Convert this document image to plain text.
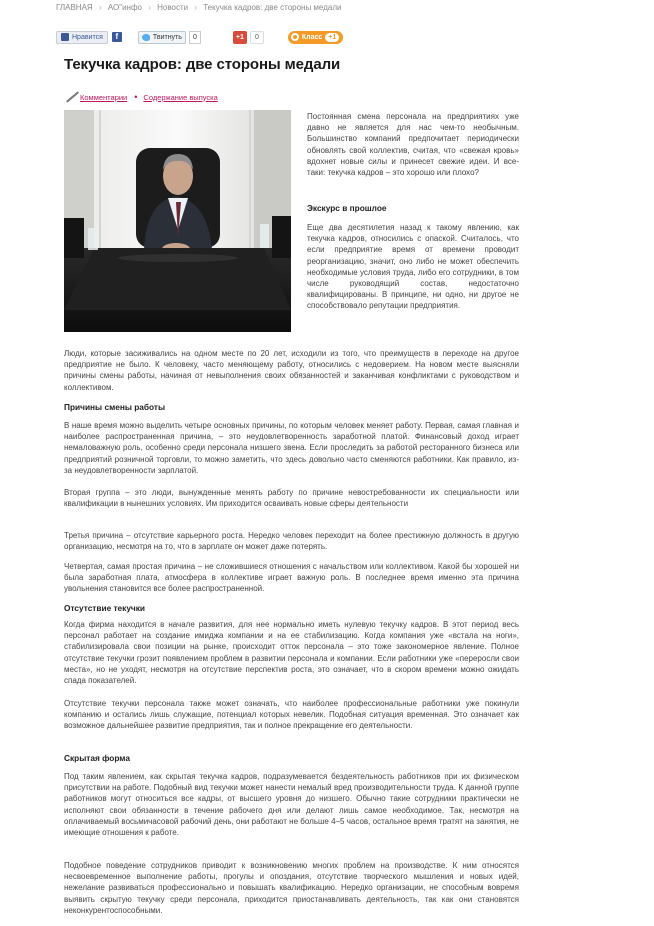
ГЛАВНАЯ › АО"инфо › Новости › Текучка кадров: две стороны медали
Нравится	f	Твитнуть	0	+1	0	Класс +1
Текучка кадров: две стороны медали
Комментарии • Содержание выпуска
Постоянная смена персонала на предприятиях уже давно не является для нас чем-то необычным. Большинство компаний предпочитает периодически обновлять свой коллектив, считая, что «свежая кровь» вдохнет новые силы и принесет свежие идеи. И все-таки: текучка кадров – это хорошо или плохо?
Экскурс в прошлое
Еще два десятилетия назад к такому явлению, как текучка кадров, относились с опаской. Считалось, что если предприятие время от времени проводит реорганизацию, значит, оно либо не может обеспечить необходимые условия труда, либо его сотрудники, в том числе руководящий состав, недостаточно квалифицированы. В принципе, ни одно, ни другое не способствовало репутации предприятия.
Люди, которые засиживались на одном месте по 20 лет, исходили из того, что преимуществ в переходе на другое предприятие не было. К человеку, часто меняющему работу, относились с недоверием. На новом месте выясняли причины смены работы, начиная от невыполнения своих обязанностей и заканчивая конфликтами с руководством и коллективом.
Причины смены работы
В наше время можно выделить четыре основных причины, по которым человек меняет работу. Первая, самая главная и наиболее распространенная причина, – это неудовлетворенность заработной платой. Финансовый доход играет немаловажную роль, особенно среди персонала низшего звена. Если проследить за работой ресторанного бизнеса или предприятий розничной торговли, то можно заметить, что здесь довольно часто сменяются работники. Как правило, из-за неудовлетворенности зарплатой.
Вторая группа – это люди, вынужденные менять работу по причине невостребованности их специальности или квалификации в нынешних условиях. Им приходится осваивать новые сферы деятельности
Третья причина – отсутствие карьерного роста. Нередко человек переходит на более престижную должность в другую организацию, несмотря на то, что в зарплате он может даже потерять.
Четвертая, самая простая причина – не сложившиеся отношения с начальством или коллективом. Какой бы хорошей ни была заработная плата, атмосфера в коллективе играет важную роль. В последнее время именно эта причина увольнения становится все более распространенной.
Отсутствие текучки
Когда фирма находится в начале развития, для нее нормально иметь нулевую текучку кадров. В этот период весь персонал работает на создание имиджа компании и на ее стабилизацию. Когда компания уже «встала на ноги», стабилизировала свои позиции на рынке, происходит отток персонала – это тоже закономерное явление. Полное отсутствие текучки грозит появлением проблем в развитии персонала и компании. Если работники уже «переросли свои места», но не уходят, несмотря на отсутствие перспектив роста, это означает, что в скором времени можно ожидать спада показателей.
Отсутствие текучки персонала также может означать, что наиболее профессиональные работники уже покинули компанию и остались лишь служащие, потенциал которых невелик. Подобная ситуация временная. Это означает как возможное дальнейшее развитие предприятия, так и полное прекращение его деятельности.
Скрытая форма
Под таким явлением, как скрытая текучка кадров, подразумевается бездеятельность работников при их физическом присутствии на работе. Подобный вид текучки может нанести немалый вред производительности труда. К данной группе работников могут относиться все кадры, от высшего уровня до низшего. Обычно такие сотрудники практически не исполняют свои обязанности в течение рабочего дня или делают лишь самое необходимое. Так, несмотря на оплачиваемый восьмичасовой рабочий день, они работают не больше 4–5 часов, остальное время тратят на занятия, не имеющие отношения к работе.
Подобное поведение сотрудников приводит к возникновению многих проблем на производстве. К ним относятся несвоевременное выполнение работы, прогулы и опоздания, отсутствие творческого мышления и новых идей, нежелание развиваться профессионально и повышать квалификацию. Нередко организации, не способным вовремя выявить скрытую текучку среди персонала, приходится приостанавливать деятельность, так как они становятся неконкурентоспособными.
